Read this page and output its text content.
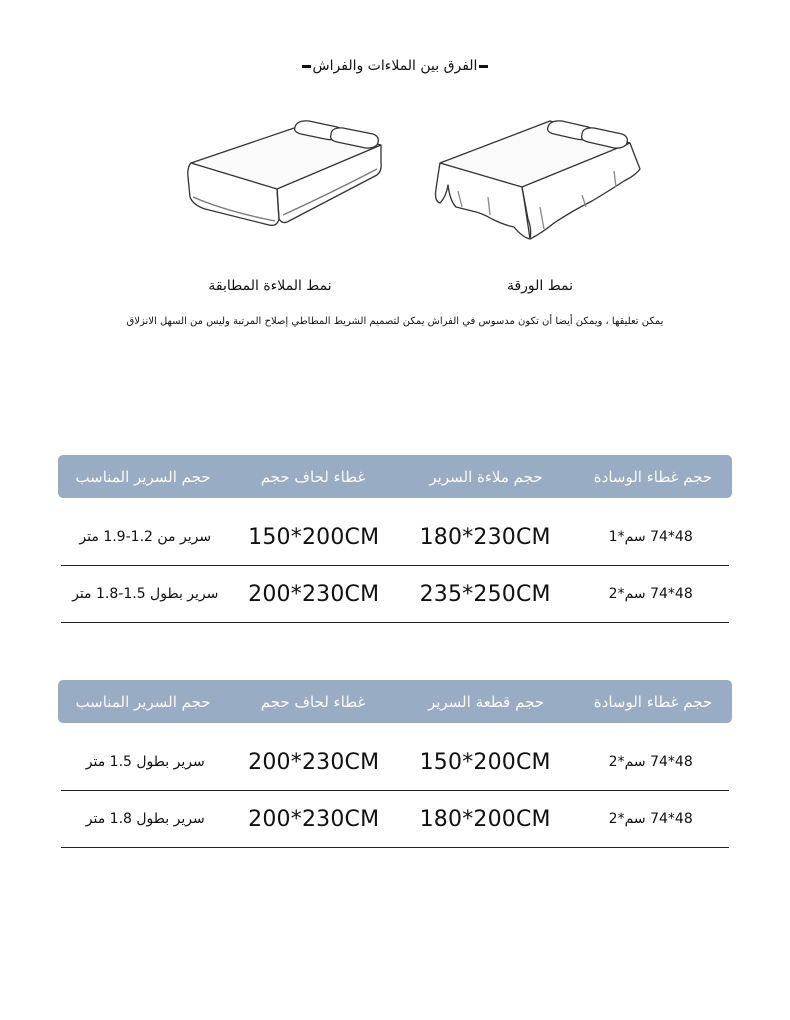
الفرق بين الملاءات والفراش
نمط الملاءة المطابقة	نمط الورقة
يمكن تعليقها ، ويمكن أيضا أن تكون مدسوس في الفراش يمكن لتصميم الشريط المطاطي إصلاح المرتبة وليس من السهل الانزلاق
حجم السرير المناسب	غطاء لحاف حجم	حجم ملاءة السرير	حجم غطاء الوسادة
سرير من 1.2-1.9 متر	150*200CM	180*230CM	48*74 سم*1
سرير بطول 1.5-1.8 متر	200*230CM	235*250CM	48*74 سم*2
حجم السرير المناسب	غطاء لحاف حجم	حجم قطعة السرير	حجم غطاء الوسادة
سرير بطول 1.5 متر	200*230CM	150*200CM	48*74 سم*2
سرير بطول 1.8 متر	200*230CM	180*200CM	48*74 سم*2
